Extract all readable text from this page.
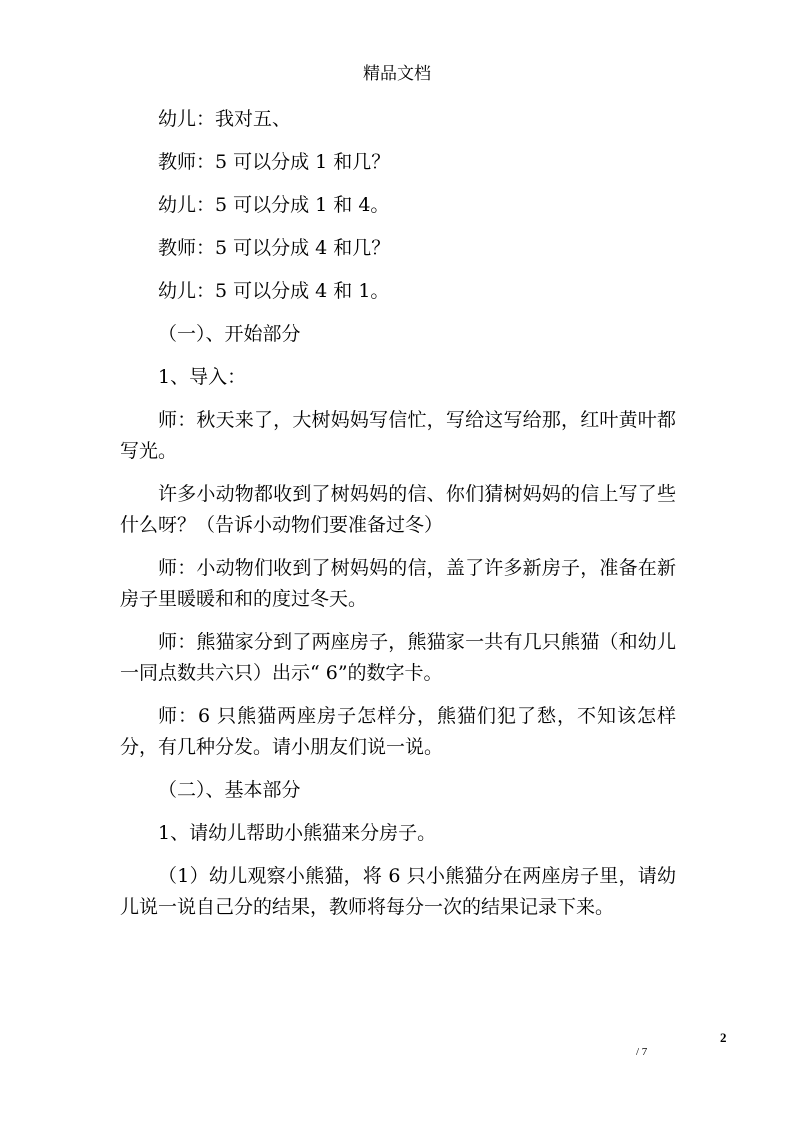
精品文档

幼儿：我对五、

教师：5 可以分成 1 和几？

幼儿：5 可以分成 1 和 4。

教师：5 可以分成 4 和几？

幼儿：5 可以分成 4 和 1。

（一）、开始部分

1、导入：

师：秋天来了，大树妈妈写信忙，写给这写给那，红叶黄叶都写光。

许多小动物都收到了树妈妈的信、你们猜树妈妈的信上写了些什么呀？（告诉小动物们要准备过冬）

师：小动物们收到了树妈妈的信，盖了许多新房子，准备在新房子里暖暖和和的度过冬天。

师：熊猫家分到了两座房子，熊猫家一共有几只熊猫（和幼儿一同点数共六只）出示“ 6”的数字卡。

师：6 只熊猫两座房子怎样分，熊猫们犯了愁，不知该怎样分，有几种分发。请小朋友们说一说。

（二）、基本部分

1、请幼儿帮助小熊猫来分房子。

（1）幼儿观察小熊猫，将 6 只小熊猫分在两座房子里，请幼儿说一说自己分的结果，教师将每分一次的结果记录下来。

2
/ 7
